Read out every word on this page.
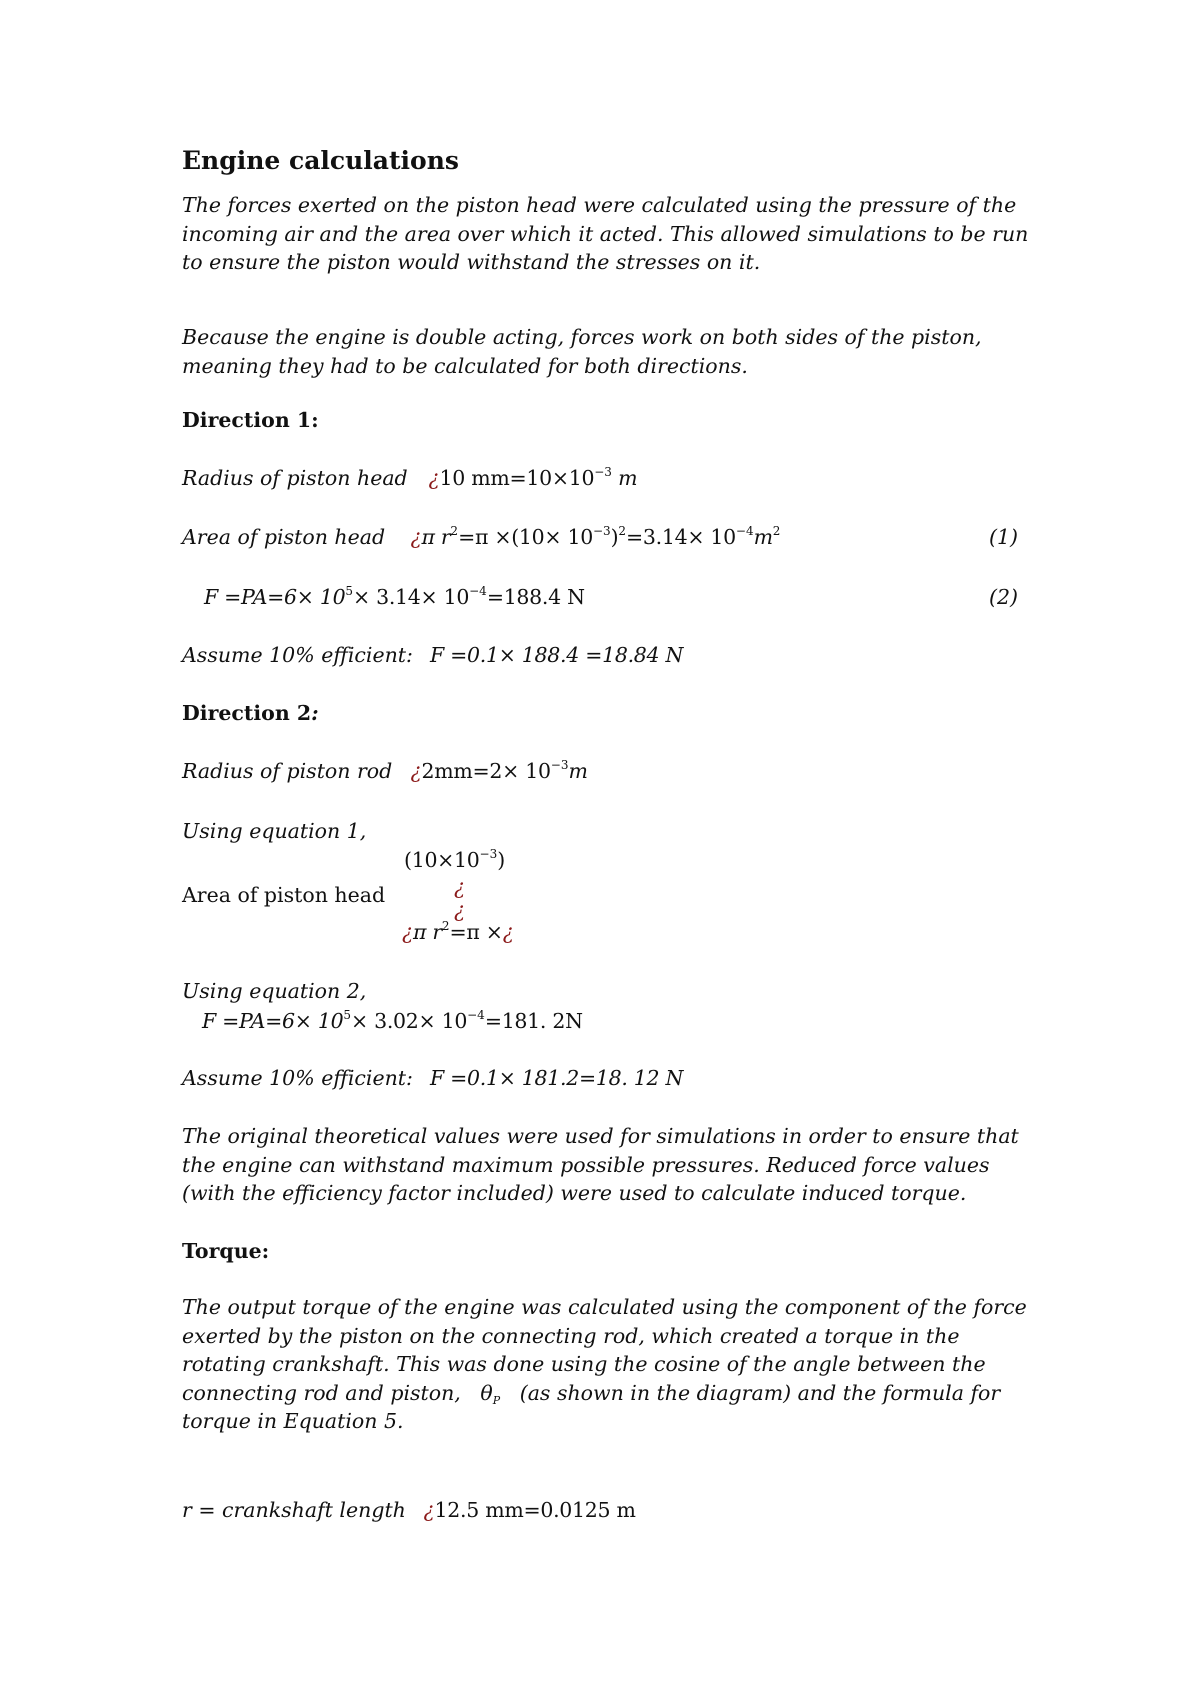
Engine calculations
The forces exerted on the piston head were calculated using the pressure of the incoming air and the area over which it acted. This allowed simulations to be run to ensure the piston would withstand the stresses on it.
Because the engine is double acting, forces work on both sides of the piston, meaning they had to be calculated for both directions.
Direction 1:
Radius of piston head ¿10 $mm=10\times 10^{-3}$ m
Area of piston head ¿π $r^2=\pi \times(10\times 10^{-3})^2=3.14\times 10^{-4}m^2$	(1)
$F =PA=6\times 10^5\times 3.14\times 10^{-4}=188.4$ N	(2)
Assume 10% efficient: F =0.1× 188.4 =18.84 N
Direction 2:
Radius of piston rod ¿$2mm=2\times 10^{-3}m$
Using equation 1,
$(10\times 10^{-3})$
¿
¿
Area of piston head
¿π $r^2=\pi$ ×¿
Using equation 2,
$F =PA=6\times 10^5\times 3.02\times 10^{-4}=181$. 2N
Assume 10% efficient: F =0.1× 181.2=18. 12 N
The original theoretical values were used for simulations in order to ensure that the engine can withstand maximum possible pressures. Reduced force values (with the efficiency factor included) were used to calculate induced torque.
Torque:
The output torque of the engine was calculated using the component of the force exerted by the piston on the connecting rod, which created a torque in the rotating crankshaft. This was done using the cosine of the angle between the connecting rod and piston, $\theta_P$ (as shown in the diagram) and the formula for torque in Equation 5.
r = crankshaft length ¿12.5 mm=0.0125 m
